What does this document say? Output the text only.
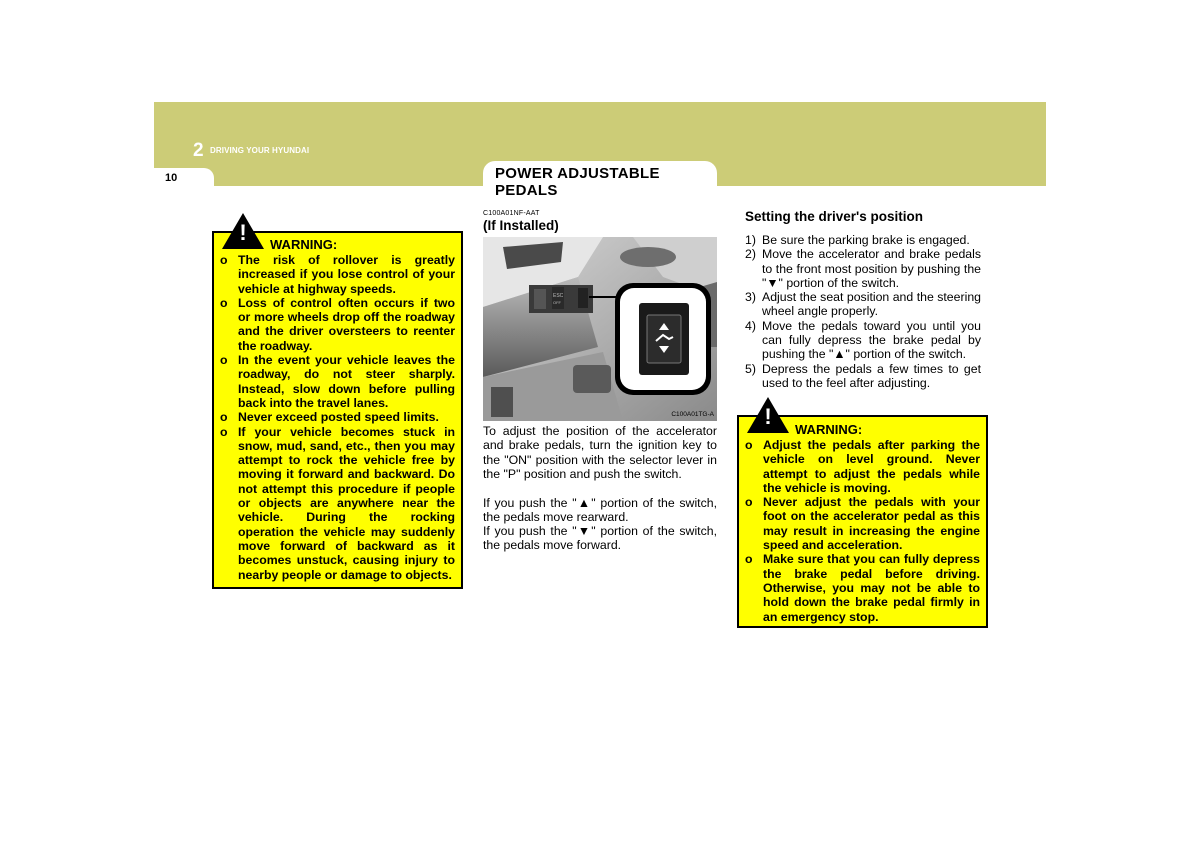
2 DRIVING YOUR HYUNDAI
10	POWER ADJUSTABLE PEDALS
!	WARNING:
o The risk of rollover is greatly increased if you lose control of your vehicle at highway speeds.
o Loss of control often occurs if two or more wheels drop off the roadway and the driver oversteers to reenter the roadway.
o In the event your vehicle leaves the roadway, do not steer sharply. Instead, slow down before pulling back into the travel lanes.
o Never exceed posted speed limits.
o If your vehicle becomes stuck in snow, mud, sand, etc., then you may attempt to rock the vehicle free by moving it forward and backward. Do not attempt this procedure if people or objects are anywhere near the vehicle. During the rocking operation the vehicle may suddenly move forward of backward as it becomes unstuck, causing injury to nearby people or damage to objects.
C100A01NF-AAT
(If Installed)
ESC
OFF
C100A01TG-A
To adjust the position of the accelerator and brake pedals, turn the ignition key to the "ON" position with the selector lever in the "P" position and push the switch.
If you push the "▲" portion of the switch, the pedals move rearward.
If you push the "▼" portion of the switch, the pedals move forward.
Setting the driver's position
1) Be sure the parking brake is engaged.
2) Move the accelerator and brake pedals to the front most position by pushing the "▼" portion of the switch.
3) Adjust the seat position and the steering wheel angle properly.
4) Move the pedals toward you until you can fully depress the brake pedal by pushing the "▲" portion of the switch.
5) Depress the pedals a few times to get used to the feel after adjusting.
!
WARNING:
o Adjust the pedals after parking the vehicle on level ground. Never attempt to adjust the pedals while the vehicle is moving.
o Never adjust the pedals with your foot on the accelerator pedal as this may result in increasing the engine speed and acceleration.
o Make sure that you can fully depress the brake pedal before driving. Otherwise, you may not be able to hold down the brake pedal firmly in an emergency stop.
